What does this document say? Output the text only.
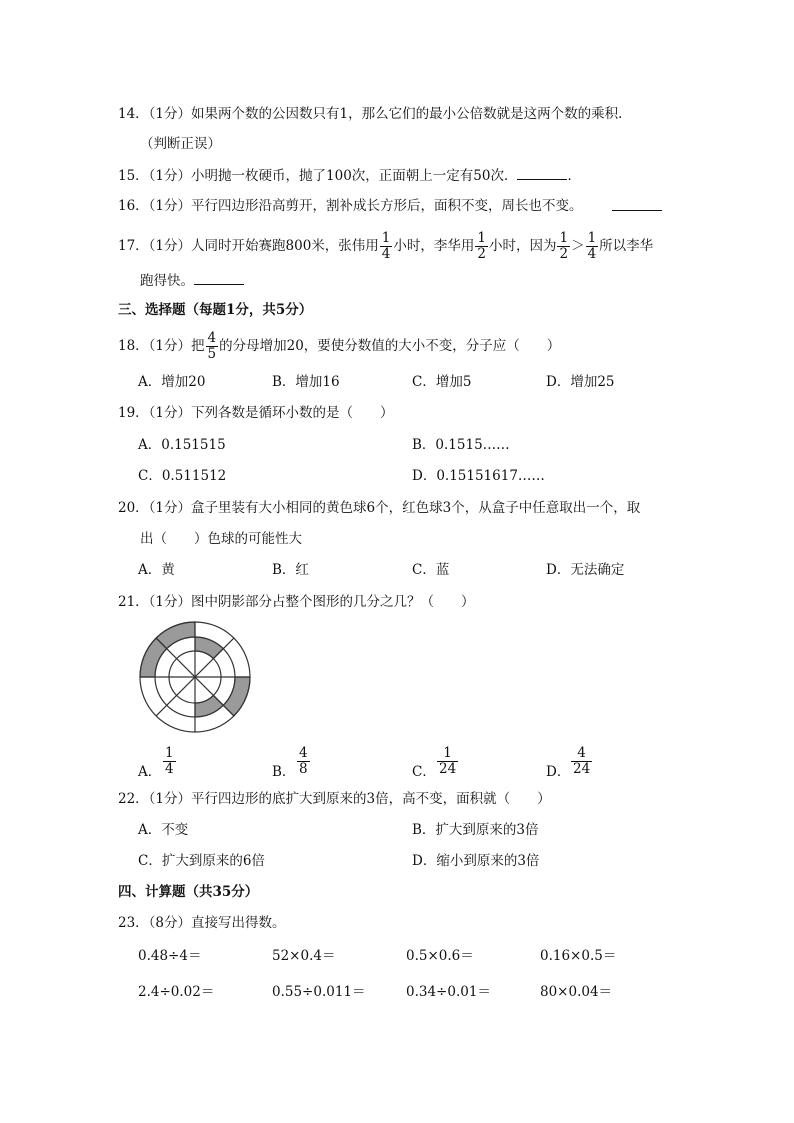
14．（1分）如果两个数的公因数只有1，那么它们的最小公倍数就是这两个数的乘积．
（判断正误）
15．（1分）小明抛一枚硬币，抛了100次，正面朝上一定有50次．	．
16．（1分）平行四边形沿高剪开，割补成长方形后，面积不变，周长也不变。
17．（1分）人同时开始赛跑800米，张伟用 $\frac{1}{4}$ 小时，李华用 $\frac{1}{2}$ 小时，因为 $\frac{1}{2} > \frac{1}{4}$ 所以李华
跑得快。
三、选择题（每题1分，共5分）
18．（1分）把 $\frac{4}{5}$ 的分母增加20，要使分数值的大小不变，分子应（　　）
A．增加20	B．增加16	C．增加5	D．增加25
19．（1分）下列各数是循环小数的是（　　）
A．0.151515	B．0.1515……
C．0.511512	D．0.15151617……
20．（1分）盒子里装有大小相同的黄色球6个，红色球3个，从盒子中任意取出一个，取
出（　　）色球的可能性大
A．黄	B．红	C．蓝	D．无法确定
21．（1分）图中阴影部分占整个图形的几分之几？（　　）
A． $\frac{1}{4}$	B． $\frac{4}{8}$	C． $\frac{1}{24}$	D． $\frac{4}{24}$
22．（1分）平行四边形的底扩大到原来的3倍，高不变，面积就（　　）
A．不变	B．扩大到原来的3倍
C．扩大到原来的6倍	D．缩小到原来的3倍
四、计算题（共35分）
23．（8分）直接写出得数。
0.48÷4＝	52×0.4＝	0.5×0.6＝	0.16×0.5＝
2.4÷0.02＝	0.55÷0.011＝	0.34÷0.01＝	80×0.04＝
